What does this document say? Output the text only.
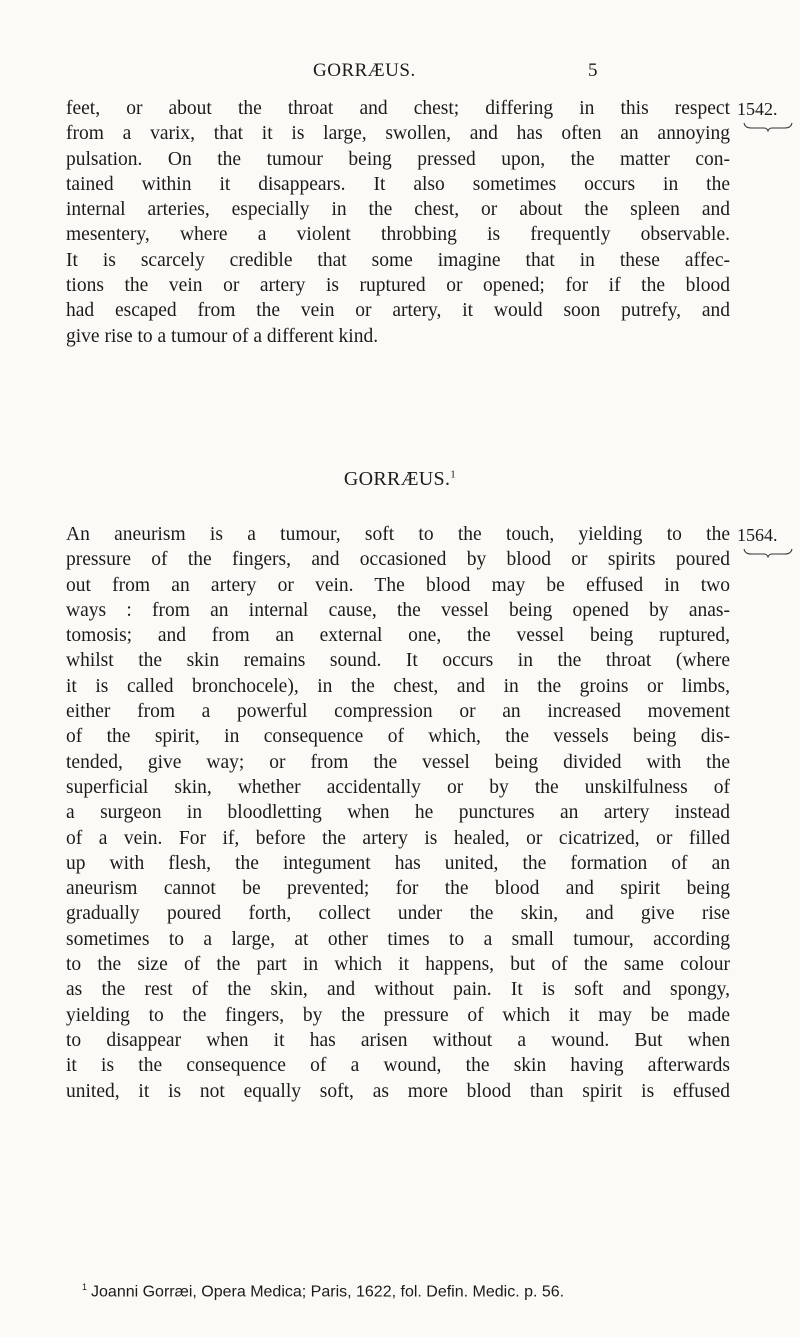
GORRÆUS.	5
1542.
feet, or about the throat and chest; differing in this respect
from a varix, that it is large, swollen, and has often an annoying
pulsation. On the tumour being pressed upon, the matter con-
tained within it disappears. It also sometimes occurs in the
internal arteries, especially in the chest, or about the spleen and
mesentery, where a violent throbbing is frequently observable.
It is scarcely credible that some imagine that in these affec-
tions the vein or artery is ruptured or opened; for if the blood
had escaped from the vein or artery, it would soon putrefy, and
give rise to a tumour of a different kind.
GORRÆUS.$^1$
1564.
An aneurism is a tumour, soft to the touch, yielding to the
pressure of the fingers, and occasioned by blood or spirits poured
out from an artery or vein. The blood may be effused in two
ways : from an internal cause, the vessel being opened by anas-
tomosis; and from an external one, the vessel being ruptured,
whilst the skin remains sound. It occurs in the throat (where
it is called bronchocele), in the chest, and in the groins or limbs,
either from a powerful compression or an increased movement
of the spirit, in consequence of which, the vessels being dis-
tended, give way; or from the vessel being divided with the
superficial skin, whether accidentally or by the unskilfulness of
a surgeon in bloodletting when he punctures an artery instead
of a vein. For if, before the artery is healed, or cicatrized, or filled
up with flesh, the integument has united, the formation of an
aneurism cannot be prevented; for the blood and spirit being
gradually poured forth, collect under the skin, and give rise
sometimes to a large, at other times to a small tumour, according
to the size of the part in which it happens, but of the same colour
as the rest of the skin, and without pain. It is soft and spongy,
yielding to the fingers, by the pressure of which it may be made
to disappear when it has arisen without a wound. But when
it is the consequence of a wound, the skin having afterwards
united, it is not equally soft, as more blood than spirit is effused
$^1$ Joanni Gorræi, Opera Medica; Paris, 1622, fol. Defin. Medic. p. 56.
